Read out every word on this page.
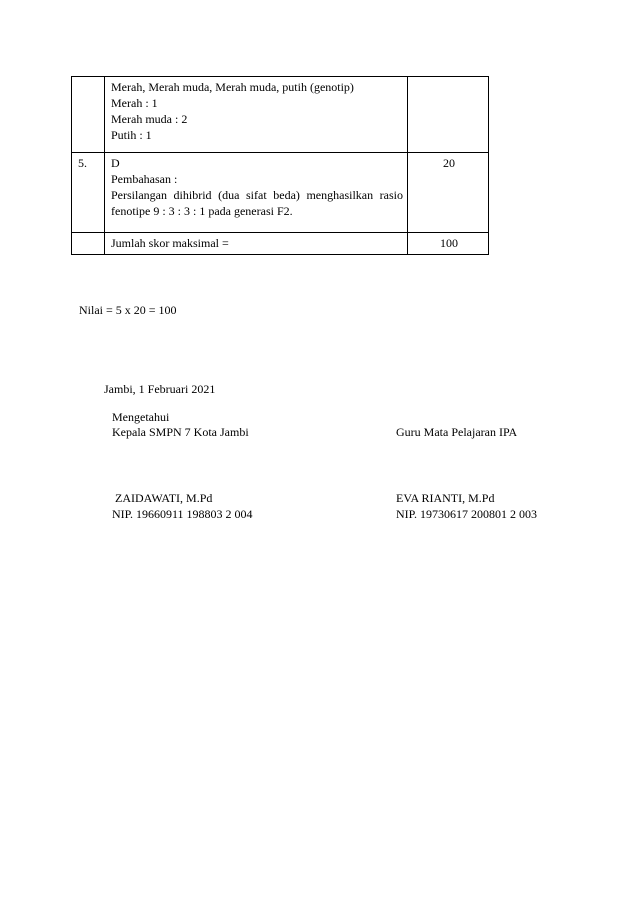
	Merah, Merah muda, Merah muda, putih (genotip)
Merah : 1
Merah muda : 2
Putih : 1	

5.	D
Pembahasan :
Persilangan dihibrid (dua sifat beda) menghasilkan rasio fenotipe 9 : 3 : 3 : 1 pada generasi F2.	20
	Jumlah skor maksimal =	100
Nilai = 5 x 20 = 100
Jambi, 1 Februari 2021
Mengetahui
Kepala SMPN 7 Kota Jambi	Guru Mata Pelajaran IPA
ZAIDAWATI, M.Pd
NIP. 19660911 198803 2 004
EVA RIANTI, M.Pd
NIP. 19730617 200801 2 003
